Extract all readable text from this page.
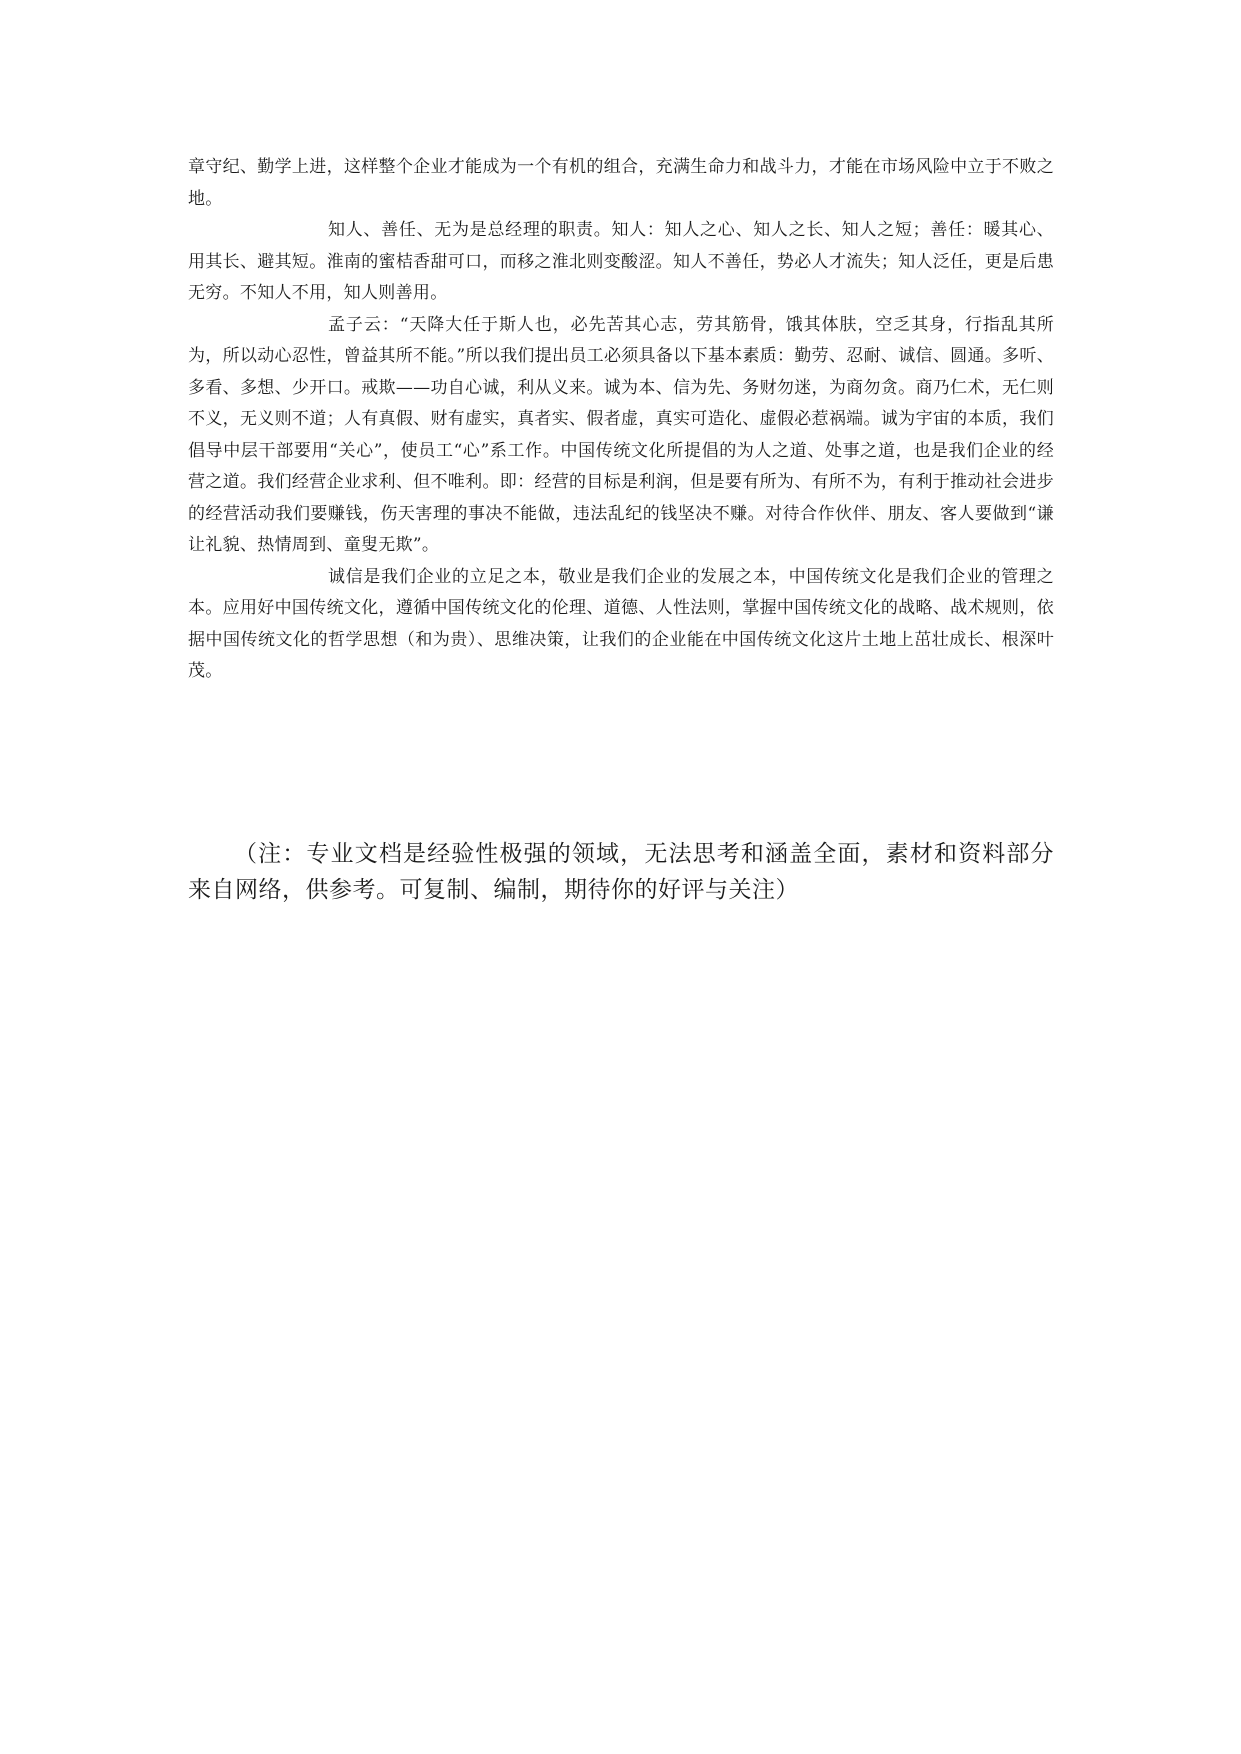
章守纪、勤学上进，这样整个企业才能成为一个有机的组合，充满生命力和战斗力，才能在市场风险中立于不败之地。

知人、善任、无为是总经理的职责。知人：知人之心、知人之长、知人之短；善任：暖其心、用其长、避其短。淮南的蜜桔香甜可口，而移之淮北则变酸涩。知人不善任，势必人才流失；知人泛任，更是后患无穷。不知人不用，知人则善用。

孟子云：“天降大任于斯人也，必先苦其心志，劳其筋骨，饿其体肤，空乏其身，行指乱其所为，所以动心忍性，曾益其所不能。”所以我们提出员工必须具备以下基本素质：勤劳、忍耐、诚信、圆通。多听、多看、多想、少开口。戒欺——功自心诚，利从义来。诚为本、信为先、务财勿迷，为商勿贪。商乃仁术，无仁则不义，无义则不道；人有真假、财有虚实，真者实、假者虚，真实可造化、虚假必惹祸端。诚为宇宙的本质，我们倡导中层干部要用“关心”，使员工“心”系工作。中国传统文化所提倡的为人之道、处事之道，也是我们企业的经营之道。我们经营企业求利、但不唯利。即：经营的目标是利润，但是要有所为、有所不为，有利于推动社会进步的经营活动我们要赚钱，伤天害理的事决不能做，违法乱纪的钱坚决不赚。对待合作伙伴、朋友、客人要做到“谦让礼貌、热情周到、童叟无欺”。

诚信是我们企业的立足之本，敬业是我们企业的发展之本，中国传统文化是我们企业的管理之本。应用好中国传统文化，遵循中国传统文化的伦理、道德、人性法则，掌握中国传统文化的战略、战术规则，依据中国传统文化的哲学思想（和为贵）、思维决策，让我们的企业能在中国传统文化这片土地上茁壮成长、根深叶茂。

（注：专业文档是经验性极强的领域，无法思考和涵盖全面，素材和资料部分来自网络，供参考。可复制、编制，期待你的好评与关注）
